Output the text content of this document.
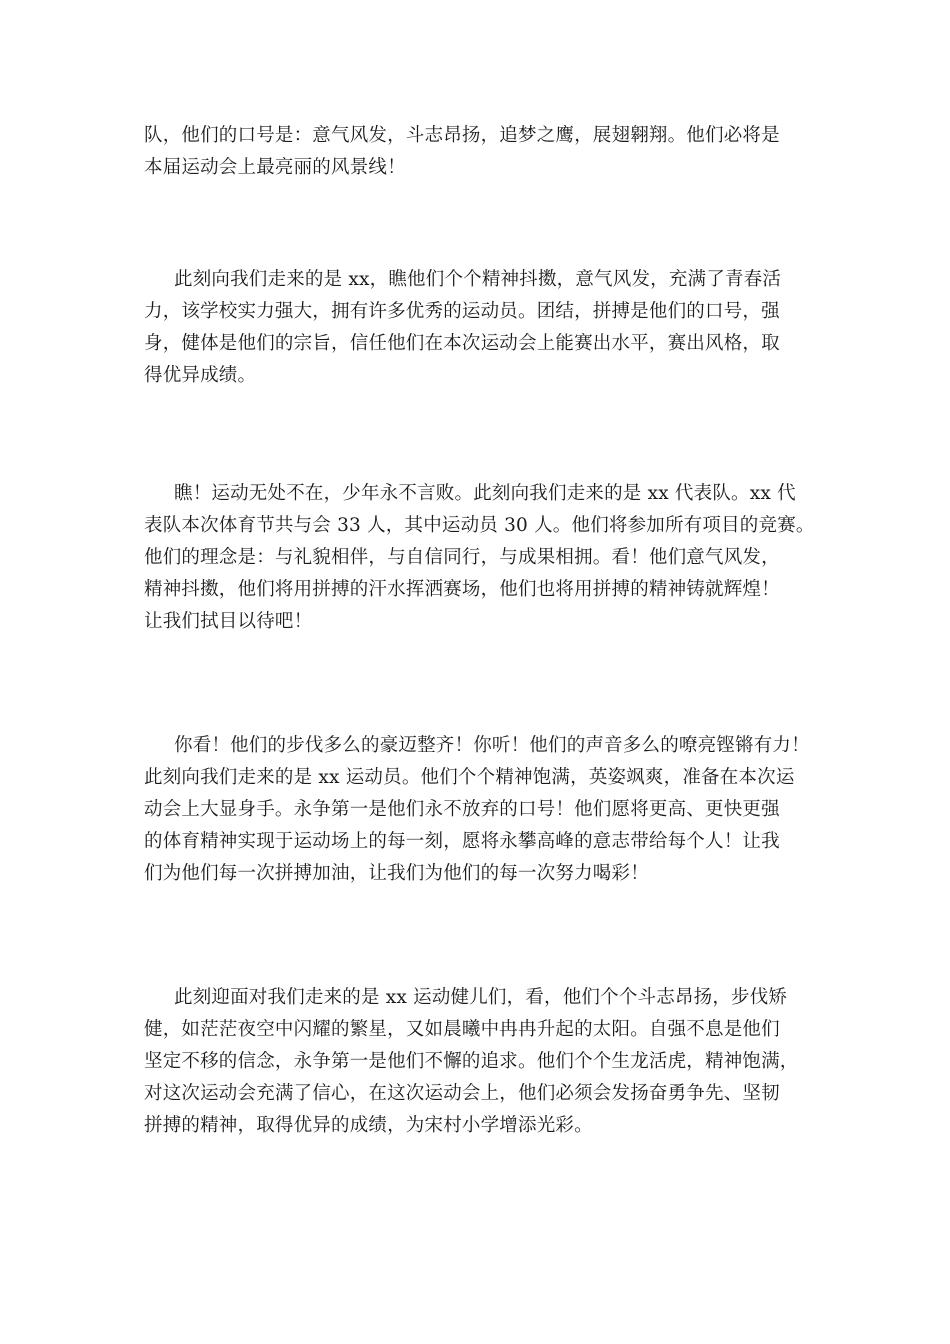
队，他们的口号是：意气风发，斗志昂扬，追梦之鹰，展翅翱翔。他们必将是
本届运动会上最亮丽的风景线！
此刻向我们走来的是 xx，瞧他们个个精神抖擞，意气风发，充满了青春活
力，该学校实力强大，拥有许多优秀的运动员。团结，拼搏是他们的口号，强
身，健体是他们的宗旨，信任他们在本次运动会上能赛出水平，赛出风格，取
得优异成绩。
瞧！运动无处不在，少年永不言败。此刻向我们走来的是 xx 代表队。xx 代
表队本次体育节共与会 33 人，其中运动员 30 人。他们将参加所有项目的竞赛。
他们的理念是：与礼貌相伴，与自信同行，与成果相拥。看！他们意气风发，
精神抖擞，他们将用拼搏的汗水挥洒赛场，他们也将用拼搏的精神铸就辉煌！
让我们拭目以待吧！
你看！他们的步伐多么的豪迈整齐！你听！他们的声音多么的嘹亮铿锵有力！
此刻向我们走来的是 xx 运动员。他们个个精神饱满，英姿飒爽，准备在本次运
动会上大显身手。永争第一是他们永不放弃的口号！他们愿将更高、更快更强
的体育精神实现于运动场上的每一刻，愿将永攀高峰的意志带给每个人！让我
们为他们每一次拼搏加油，让我们为他们的每一次努力喝彩！
此刻迎面对我们走来的是 xx 运动健儿们，看，他们个个斗志昂扬，步伐矫
健，如茫茫夜空中闪耀的繁星，又如晨曦中冉冉升起的太阳。自强不息是他们
坚定不移的信念，永争第一是他们不懈的追求。他们个个生龙活虎，精神饱满，
对这次运动会充满了信心，在这次运动会上，他们必须会发扬奋勇争先、坚韧
拼搏的精神，取得优异的成绩，为宋村小学增添光彩。
